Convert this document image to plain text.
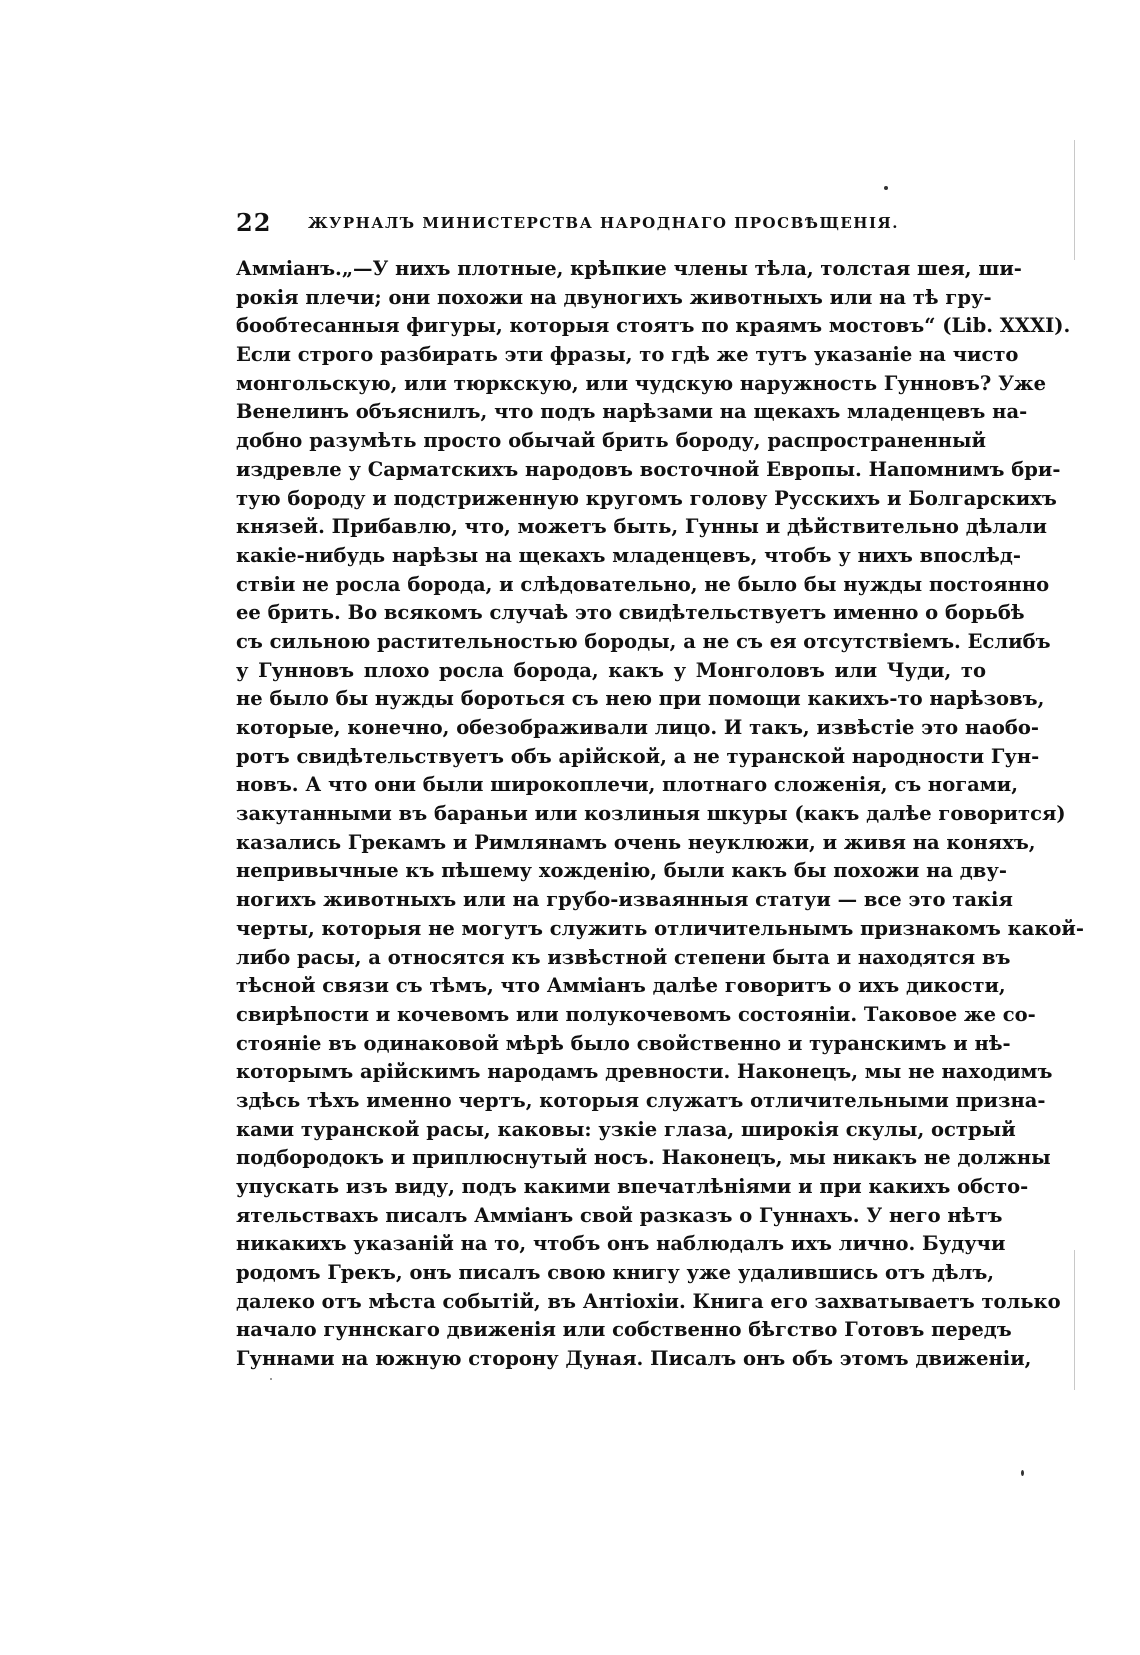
22 ЖУРНАЛЪ МИНИСТЕРСТВА НАРОДНАГО ПРОСВѢЩЕНІЯ.
Аммiанъ.„—У нихъ плотные, крѣпкие члены тѣла, толстая шея, ши-
рокiя плечи; они похожи на двуногихъ животныхъ или на тѣ гру-
бообтесанныя фигуры, которыя стоятъ по краямъ мостовъ“ (Lib. XXXI).
Если строго разбирать эти фразы, то гдѣ же тутъ указанiе на чисто
монгольскую, или тюркскую, или чудскую наружность Гунновъ? Уже
Венелинъ объяснилъ, что подъ нарѣзами на щекахъ младенцевъ на-
добно разумѣть просто обычай брить бороду, распространенный
издревле у Сарматскихъ народовъ восточной Европы. Напомнимъ бри-
тую бороду и подстриженную кругомъ голову Русскихъ и Болгарскихъ
князей. Прибавлю, что, можетъ быть, Гунны и дѣйствительно дѣлали
какiе-нибудь нарѣзы на щекахъ младенцевъ, чтобъ у нихъ впослѣд-
ствiи не росла борода, и слѣдовательно, не было бы нужды постоянно
ее брить. Во всякомъ случаѣ это свидѣтельствуетъ именно о борьбѣ
съ сильною растительностью бороды, а не съ ея отсутствiемъ. Еслибъ
у Гунновъ плохо росла борода, какъ у Монголовъ или Чуди, то
не было бы нужды бороться съ нею при помощи какихъ-то нарѣзовъ,
которые, конечно, обезображивали лицо. И такъ, извѣстiе это наобо-
ротъ свидѣтельствуетъ объ арiйской, а не туранской народности Гун-
новъ. А что они были широкоплечи, плотнаго сложенiя, съ ногами,
закутанными въ бараньи или козлиныя шкуры (какъ далѣе говорится)
казались Грекамъ и Римлянамъ очень неуклюжи, и живя на коняхъ,
непривычные къ пѣшему хожденiю, были какъ бы похожи на дву-
ногихъ животныхъ или на грубо-изваянныя статуи — все это такiя
черты, которыя не могутъ служить отличительнымъ признакомъ какой-
либо расы, а относятся къ извѣстной степени быта и находятся въ
тѣсной связи съ тѣмъ, что Аммiанъ далѣе говоритъ о ихъ дикости,
свирѣпости и кочевомъ или полукочевомъ состоянiи. Таковое же со-
стоянiе въ одинаковой мѣрѣ было свойственно и туранскимъ и нѣ-
которымъ арiйскимъ народамъ древности. Наконецъ, мы не находимъ
здѣсь тѣхъ именно чертъ, которыя служатъ отличительными призна-
ками туранской расы, каковы: узкiе глаза, широкiя скулы, острый
подбородокъ и приплюснутый носъ. Наконецъ, мы никакъ не должны
упускать изъ виду, подъ какими впечатлѣнiями и при какихъ обсто-
ятельствахъ писалъ Аммiанъ свой разказъ о Гуннахъ. У него нѣтъ
никакихъ указанiй на то, чтобъ онъ наблюдалъ ихъ лично. Будучи
родомъ Грекъ, онъ писалъ свою книгу уже удалившись отъ дѣлъ,
далеко отъ мѣста событiй, въ Антiохiи. Книга его захватываетъ только
начало гуннскаго движенiя или собственно бѣгство Готовъ передъ
Гуннами на южную сторону Дуная. Писалъ онъ объ этомъ движенiи,
